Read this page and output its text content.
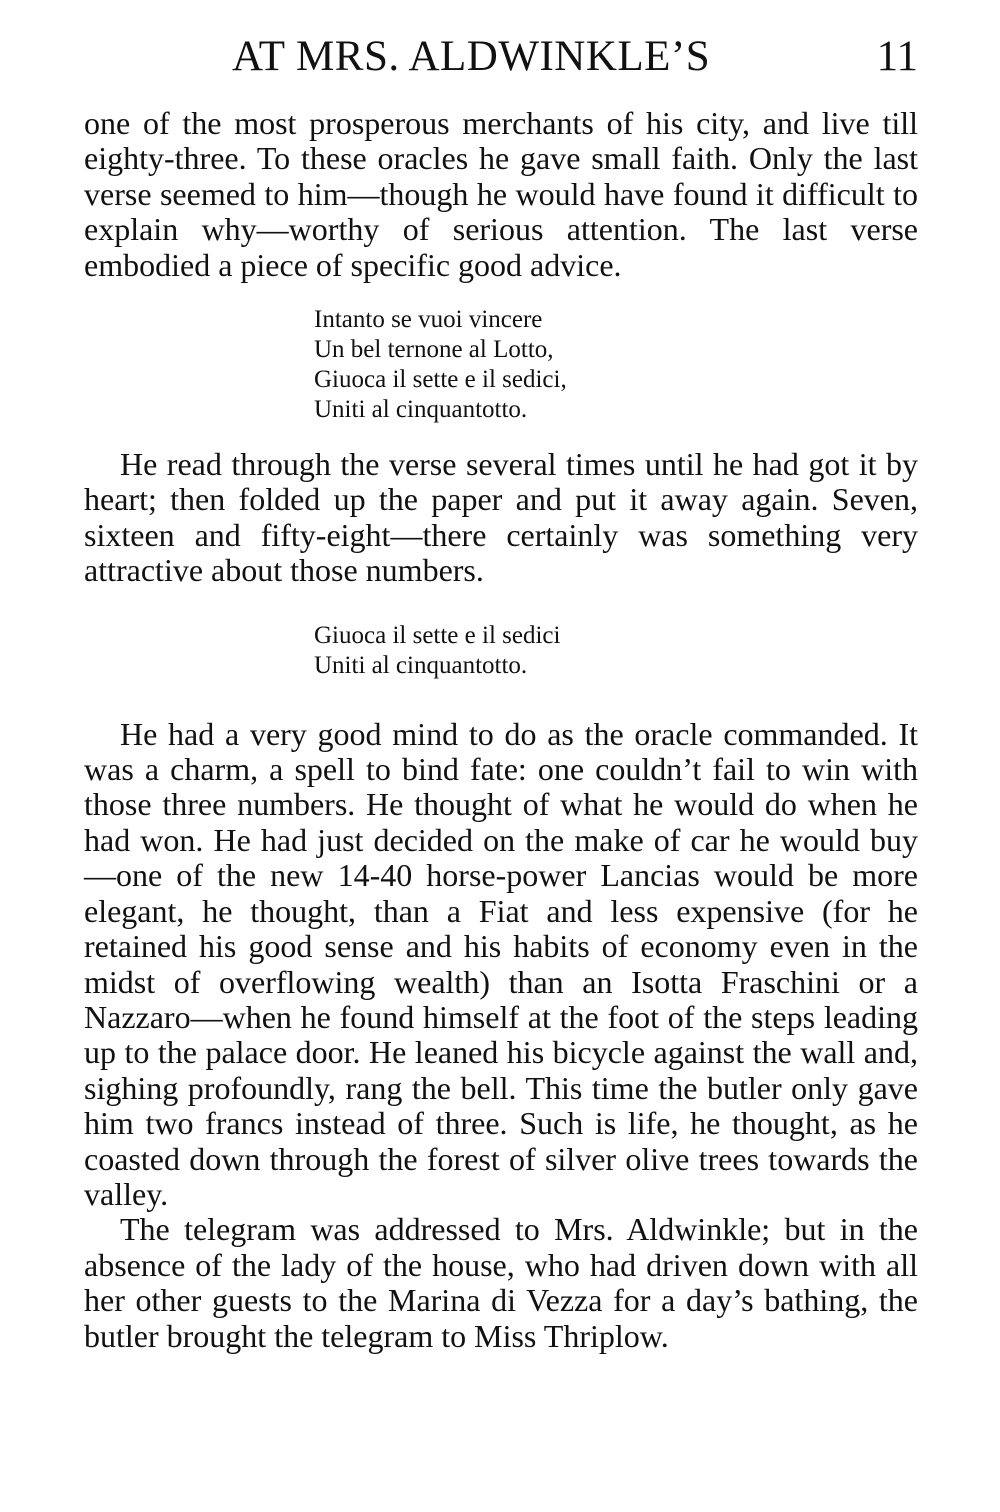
AT MRS. ALDWINKLE’S	11

one of the most prosperous merchants of his city, and live till eighty-three. To these oracles he gave small faith. Only the last verse seemed to him—though he would have found it difficult to explain why—worthy of serious attention. The last verse embodied a piece of specific good advice.

Intanto se vuoi vincere
Un bel ternone al Lotto,
Giuoca il sette e il sedici,
Uniti al cinquantotto.

He read through the verse several times until he had got it by heart; then folded up the paper and put it away again. Seven, sixteen and fifty-eight—there certainly was something very attractive about those numbers.

Giuoca il sette e il sedici
Uniti al cinquantotto.

He had a very good mind to do as the oracle commanded. It was a charm, a spell to bind fate: one couldn’t fail to win with those three numbers. He thought of what he would do when he had won. He had just decided on the make of car he would buy—one of the new 14-40 horse-power Lancias would be more elegant, he thought, than a Fiat and less expensive (for he retained his good sense and his habits of economy even in the midst of overflowing wealth) than an Isotta Fraschini or a Nazzaro—when he found himself at the foot of the steps leading up to the palace door. He leaned his bicycle against the wall and, sighing profoundly, rang the bell. This time the butler only gave him two francs instead of three. Such is life, he thought, as he coasted down through the forest of silver olive trees towards the valley.

The telegram was addressed to Mrs. Aldwinkle; but in the absence of the lady of the house, who had driven down with all her other guests to the Marina di Vezza for a day’s bathing, the butler brought the telegram to Miss Thriplow.
